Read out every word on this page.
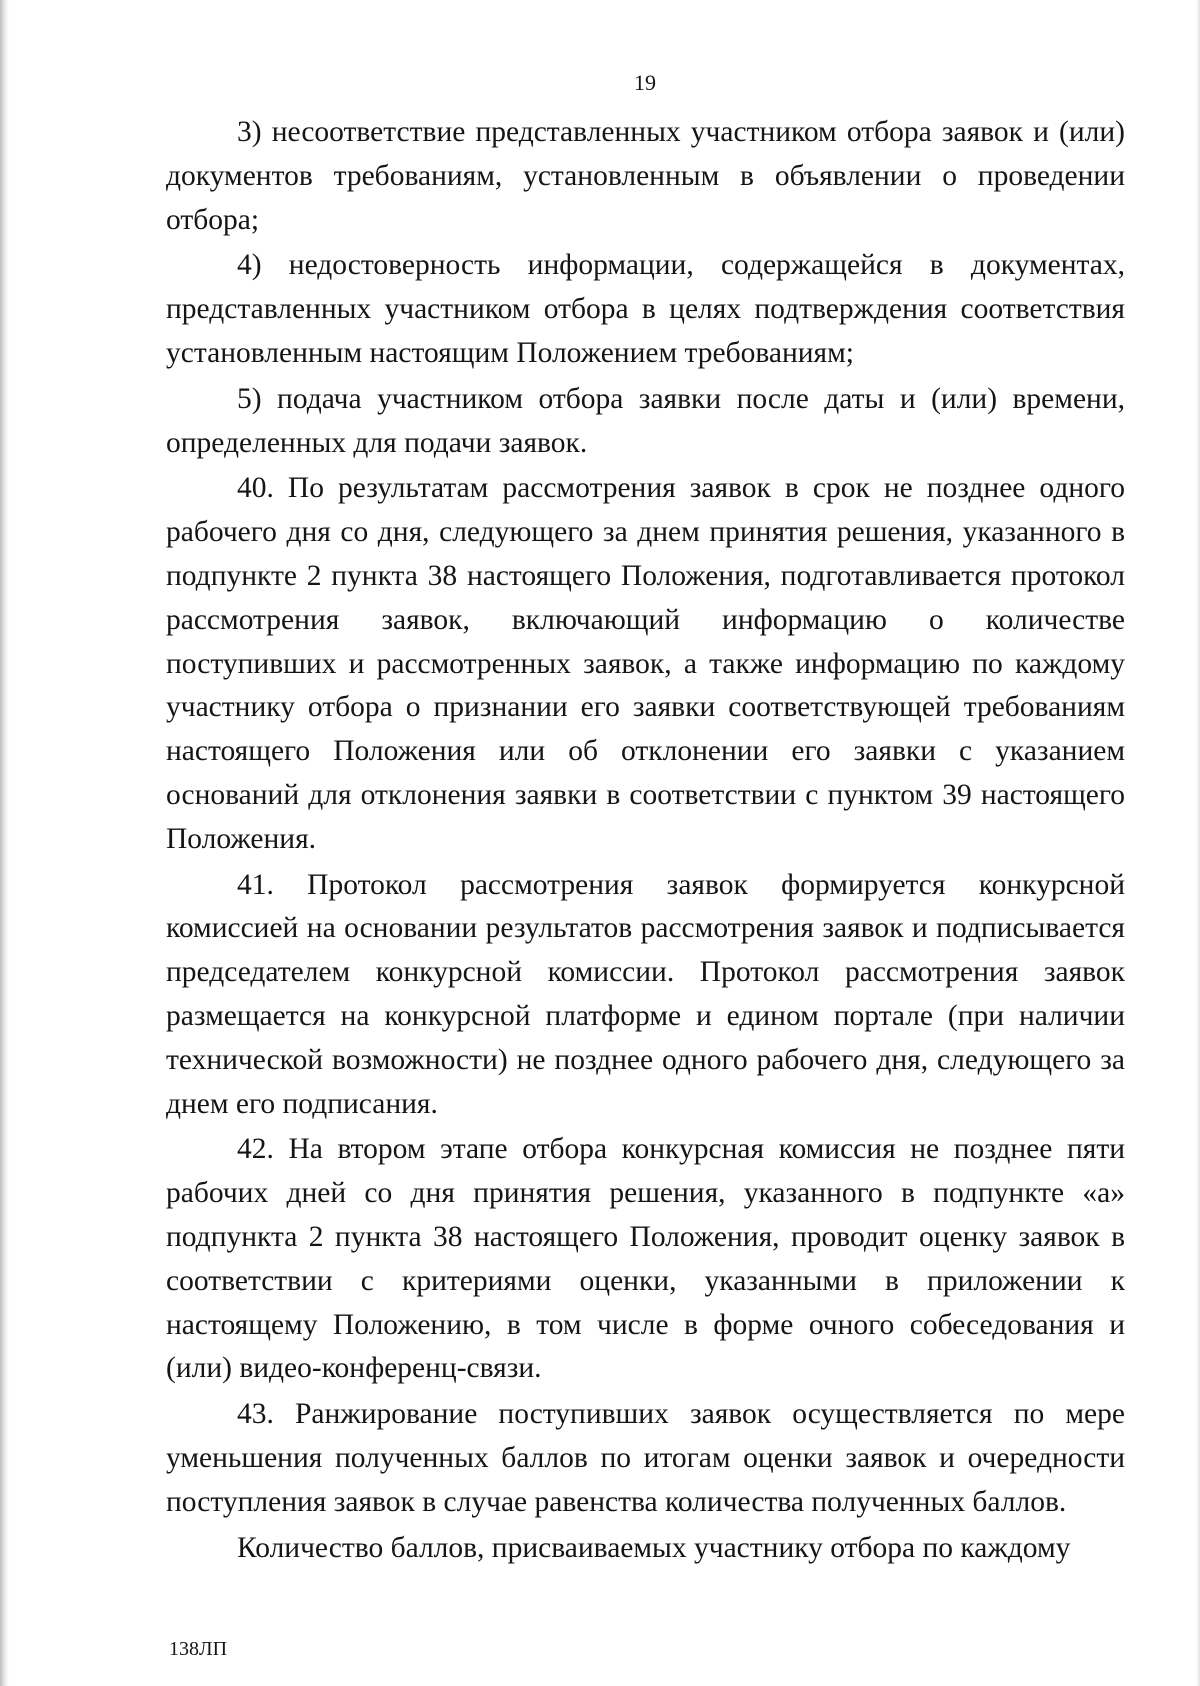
19

3) несоответствие представленных участником отбора заявок и (или) документов требованиям, установленным в объявлении о проведении отбора;

4) недостоверность информации, содержащейся в документах, представленных участником отбора в целях подтверждения соответствия установленным настоящим Положением требованиям;

5) подача участником отбора заявки после даты и (или) времени, определенных для подачи заявок.

40. По результатам рассмотрения заявок в срок не позднее одного рабочего дня со дня, следующего за днем принятия решения, указанного в подпункте 2 пункта 38 настоящего Положения, подготавливается протокол рассмотрения заявок, включающий информацию о количестве поступивших и рассмотренных заявок, а также информацию по каждому участнику отбора о признании его заявки соответствующей требованиям настоящего Положения или об отклонении его заявки с указанием оснований для отклонения заявки в соответствии с пунктом 39 настоящего Положения.

41. Протокол рассмотрения заявок формируется конкурсной комиссией на основании результатов рассмотрения заявок и подписывается председателем конкурсной комиссии. Протокол рассмотрения заявок размещается на конкурсной платформе и едином портале (при наличии технической возможности) не позднее одного рабочего дня, следующего за днем его подписания.

42. На втором этапе отбора конкурсная комиссия не позднее пяти рабочих дней со дня принятия решения, указанного в подпункте «а» подпункта 2 пункта 38 настоящего Положения, проводит оценку заявок в соответствии с критериями оценки, указанными в приложении к настоящему Положению, в том числе в форме очного собеседования и (или) видео-конференц-связи.

43. Ранжирование поступивших заявок осуществляется по мере уменьшения полученных баллов по итогам оценки заявок и очередности поступления заявок в случае равенства количества полученных баллов.

Количество баллов, присваиваемых участнику отбора по каждому

138ЛП
